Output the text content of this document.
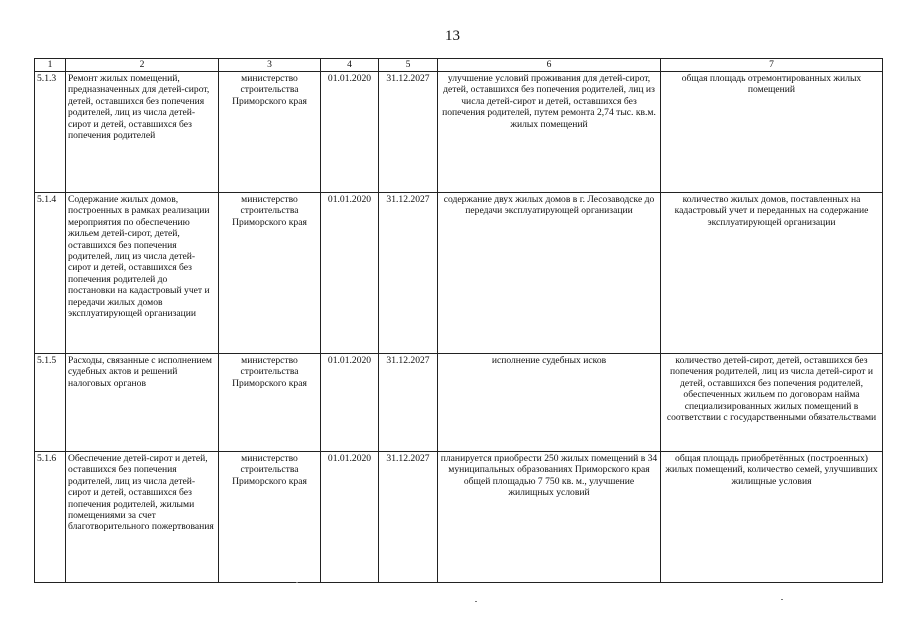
13
1	2	3	4	5	6	7
5.1.3	Ремонт жилых помещений, предназначенных для детей-сирот, детей, оставшихся без попечения родителей, лиц из числа детей-сирот и детей, оставшихся без попечения родителей	министерство строительства Приморского края	01.01.2020	31.12.2027	улучшение условий проживания для детей-сирот, детей, оставшихся без попечения родителей, лиц из числа детей-сирот и детей, оставшихся без попечения родителей, путем ремонта 2,74 тыс. кв.м. жилых помещений	общая площадь отремонтированных жилых помещений
5.1.4	Содержание жилых домов, построенных в рамках реализации мероприятия по обеспечению жильем детей-сирот, детей, оставшихся без попечения родителей, лиц из числа детей-сирот и детей, оставшихся без попечения родителей до постановки на кадастровый учет и передачи жилых домов эксплуатирующей организации	министерство строительства Приморского края	01.01.2020	31.12.2027	содержание двух жилых домов в г. Лесозаводске до передачи эксплуатирующей организации	количество жилых домов, поставленных на кадастровый учет и переданных на содержание эксплуатирующей организации
5.1.5	Расходы, связанные с исполнением судебных актов и решений налоговых органов	министерство строительства Приморского края	01.01.2020	31.12.2027	исполнение судебных исков	количество детей-сирот, детей, оставшихся без попечения родителей, лиц из числа детей-сирот и детей, оставшихся без попечения родителей, обеспеченных жильем по договорам найма специализированных жилых помещений в соответствии с государственными обязательствами
5.1.6	Обеспечение детей-сирот и детей, оставшихся без попечения родителей, лиц из числа детей-сирот и детей, оставшихся без попечения родителей, жилыми помещениями за счет благотворительного пожертвования	министерство строительства Приморского края	01.01.2020	31.12.2027	планируется приобрести 250 жилых помещений в 34 муниципальных образованиях Приморского края общей площадью 7 750 кв. м., улучшение жилищных условий	общая площадь приобретённых (построенных) жилых помещений, количество семей, улучшивших жилищные условия
